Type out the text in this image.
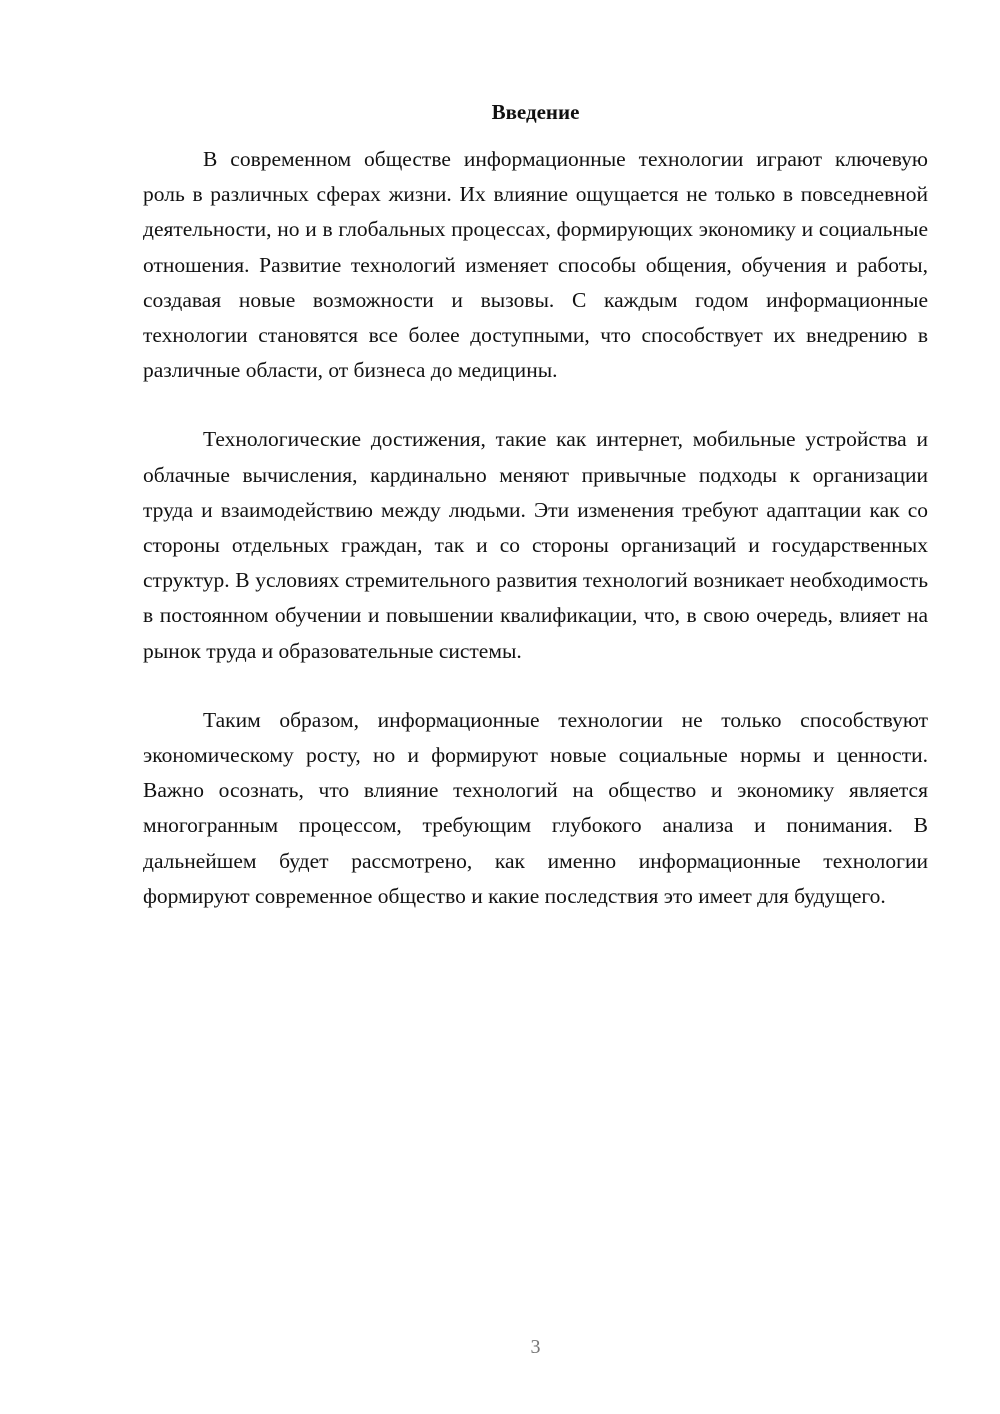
Введение

В современном обществе информационные технологии играют ключевую роль в различных сферах жизни. Их влияние ощущается не только в повседневной деятельности, но и в глобальных процессах, формирующих экономику и социальные отношения. Развитие технологий изменяет способы общения, обучения и работы, создавая новые возможности и вызовы. С каждым годом информационные технологии становятся все более доступными, что способствует их внедрению в различные области, от бизнеса до медицины.

Технологические достижения, такие как интернет, мобильные устройства и облачные вычисления, кардинально меняют привычные подходы к организации труда и взаимодействию между людьми. Эти изменения требуют адаптации как со стороны отдельных граждан, так и со стороны организаций и государственных структур. В условиях стремительного развития технологий возникает необходимость в постоянном обучении и повышении квалификации, что, в свою очередь, влияет на рынок труда и образовательные системы.

Таким образом, информационные технологии не только способствуют экономическому росту, но и формируют новые социальные нормы и ценности. Важно осознать, что влияние технологий на общество и экономику является многогранным процессом, требующим глубокого анализа и понимания. В дальнейшем будет рассмотрено, как именно информационные технологии формируют современное общество и какие последствия это имеет для будущего.

3
